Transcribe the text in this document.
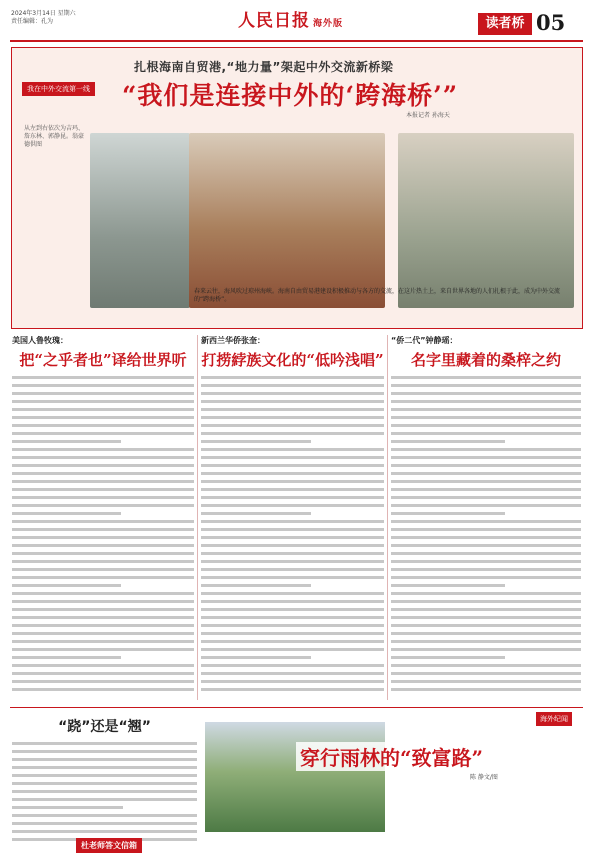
2024年3月14日 星期六
责任编辑：孔为	人民日报 海外版	读者桥 05
扎根海南自贸港,“地力量”架起中外交流新桥梁
我在中外交流第一线 “我们是连接中外的‘跨海桥’”
本报记者 孙海天
从左到右依次为吉玛、詹东林、郭静昆。翁豪德供图
春来云往，海风吹过琼州海峡。海南自由贸易港建设积极推动与各方的交流，在这片热土上，来自世界各地的人们扎根于此，成为中外交流的“跨海桥”。
美国人鲁牧瑰：
把“之乎者也”译给世界听
新西兰华侨张奎：
打捞綍族文化的“低吟浅唱”
“侨二代”钟静瑶：
名字里藏着的桑梓之约
“跷”还是“翘”
杜老师答文信箱
穿行雨林的“致富路”
陈 静文/图
海外纪闻
